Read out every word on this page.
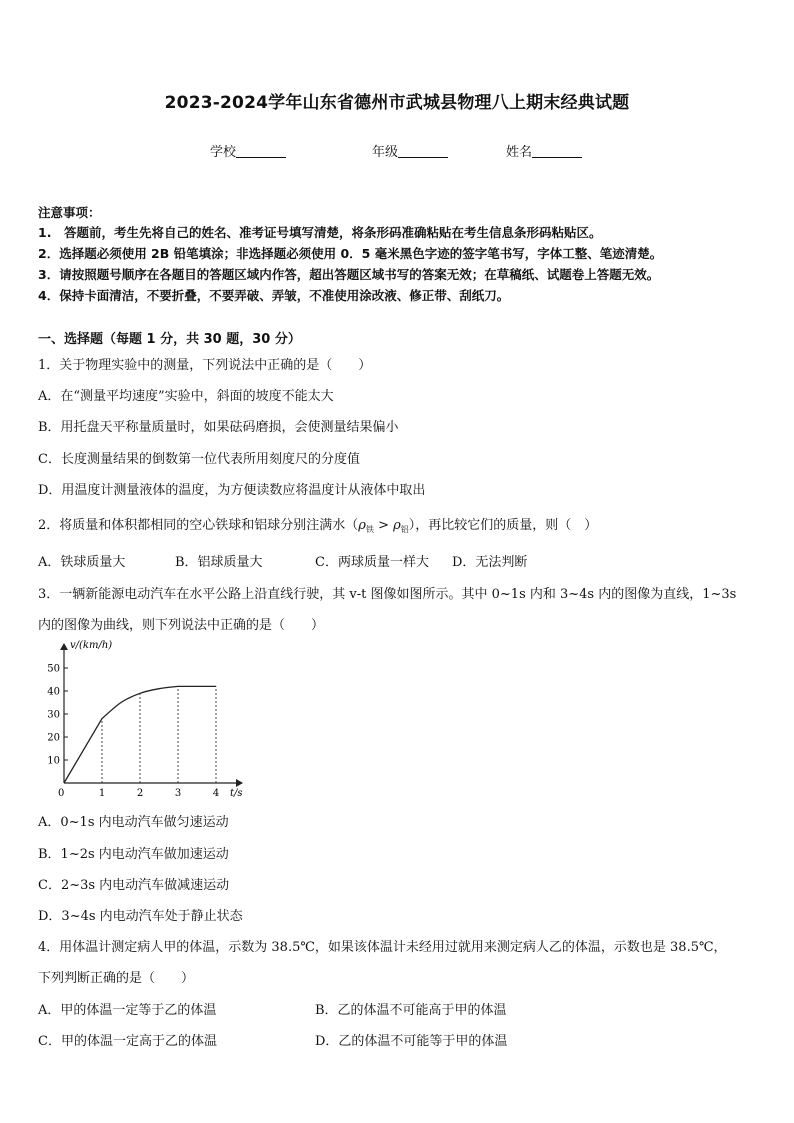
2023-2024学年山东省德州市武城县物理八上期末经典试题
学校	年级	姓名
注意事项：
1.　答题前，考生先将自己的姓名、准考证号填写清楚，将条形码准确粘贴在考生信息条形码粘贴区。
2．选择题必须使用 2B 铅笔填涂；非选择题必须使用 0．5 毫米黑色字迹的签字笔书写，字体工整、笔迹清楚。
3．请按照题号顺序在各题目的答题区域内作答，超出答题区域书写的答案无效；在草稿纸、试题卷上答题无效。
4．保持卡面清洁，不要折叠，不要弄破、弄皱，不准使用涂改液、修正带、刮纸刀。
一、选择题（每题 1 分，共 30 题，30 分）
1．关于物理实验中的测量，下列说法中正确的是（　　）
A．在“测量平均速度”实验中，斜面的坡度不能太大
B．用托盘天平称量质量时，如果砝码磨损，会使测量结果偏小
C．长度测量结果的倒数第一位代表所用刻度尺的分度值
D．用温度计测量液体的温度，为方便读数应将温度计从液体中取出
2．将质量和体积都相同的空心铁球和铝球分别注满水$(\rho_铁 > \rho_铝)$，再比较它们的质量，则（　）
A．铁球质量大	B．铝球质量大	C．两球质量一样大 D．无法判断
3．一辆新能源电动汽车在水平公路上沿直线行驶，其 v-t 图像如图所示。其中 0~1s 内和 3~4s 内的图像为直线，1~3s
内的图像为曲线，则下列说法中正确的是（　　）
10
20
30
40
50
1	2	3	4
v/(km/h)
t/s
0
A．0~1s 内电动汽车做匀速运动
B．1~2s 内电动汽车做加速运动
C．2~3s 内电动汽车做减速运动
D．3~4s 内电动汽车处于静止状态
4．用体温计测定病人甲的体温，示数为 38.5℃，如果该体温计未经用过就用来测定病人乙的体温，示数也是 38.5℃，
下列判断正确的是（　　）
A．甲的体温一定等于乙的体温	B．乙的体温不可能高于甲的体温
C．甲的体温一定高于乙的体温	D．乙的体温不可能等于甲的体温
